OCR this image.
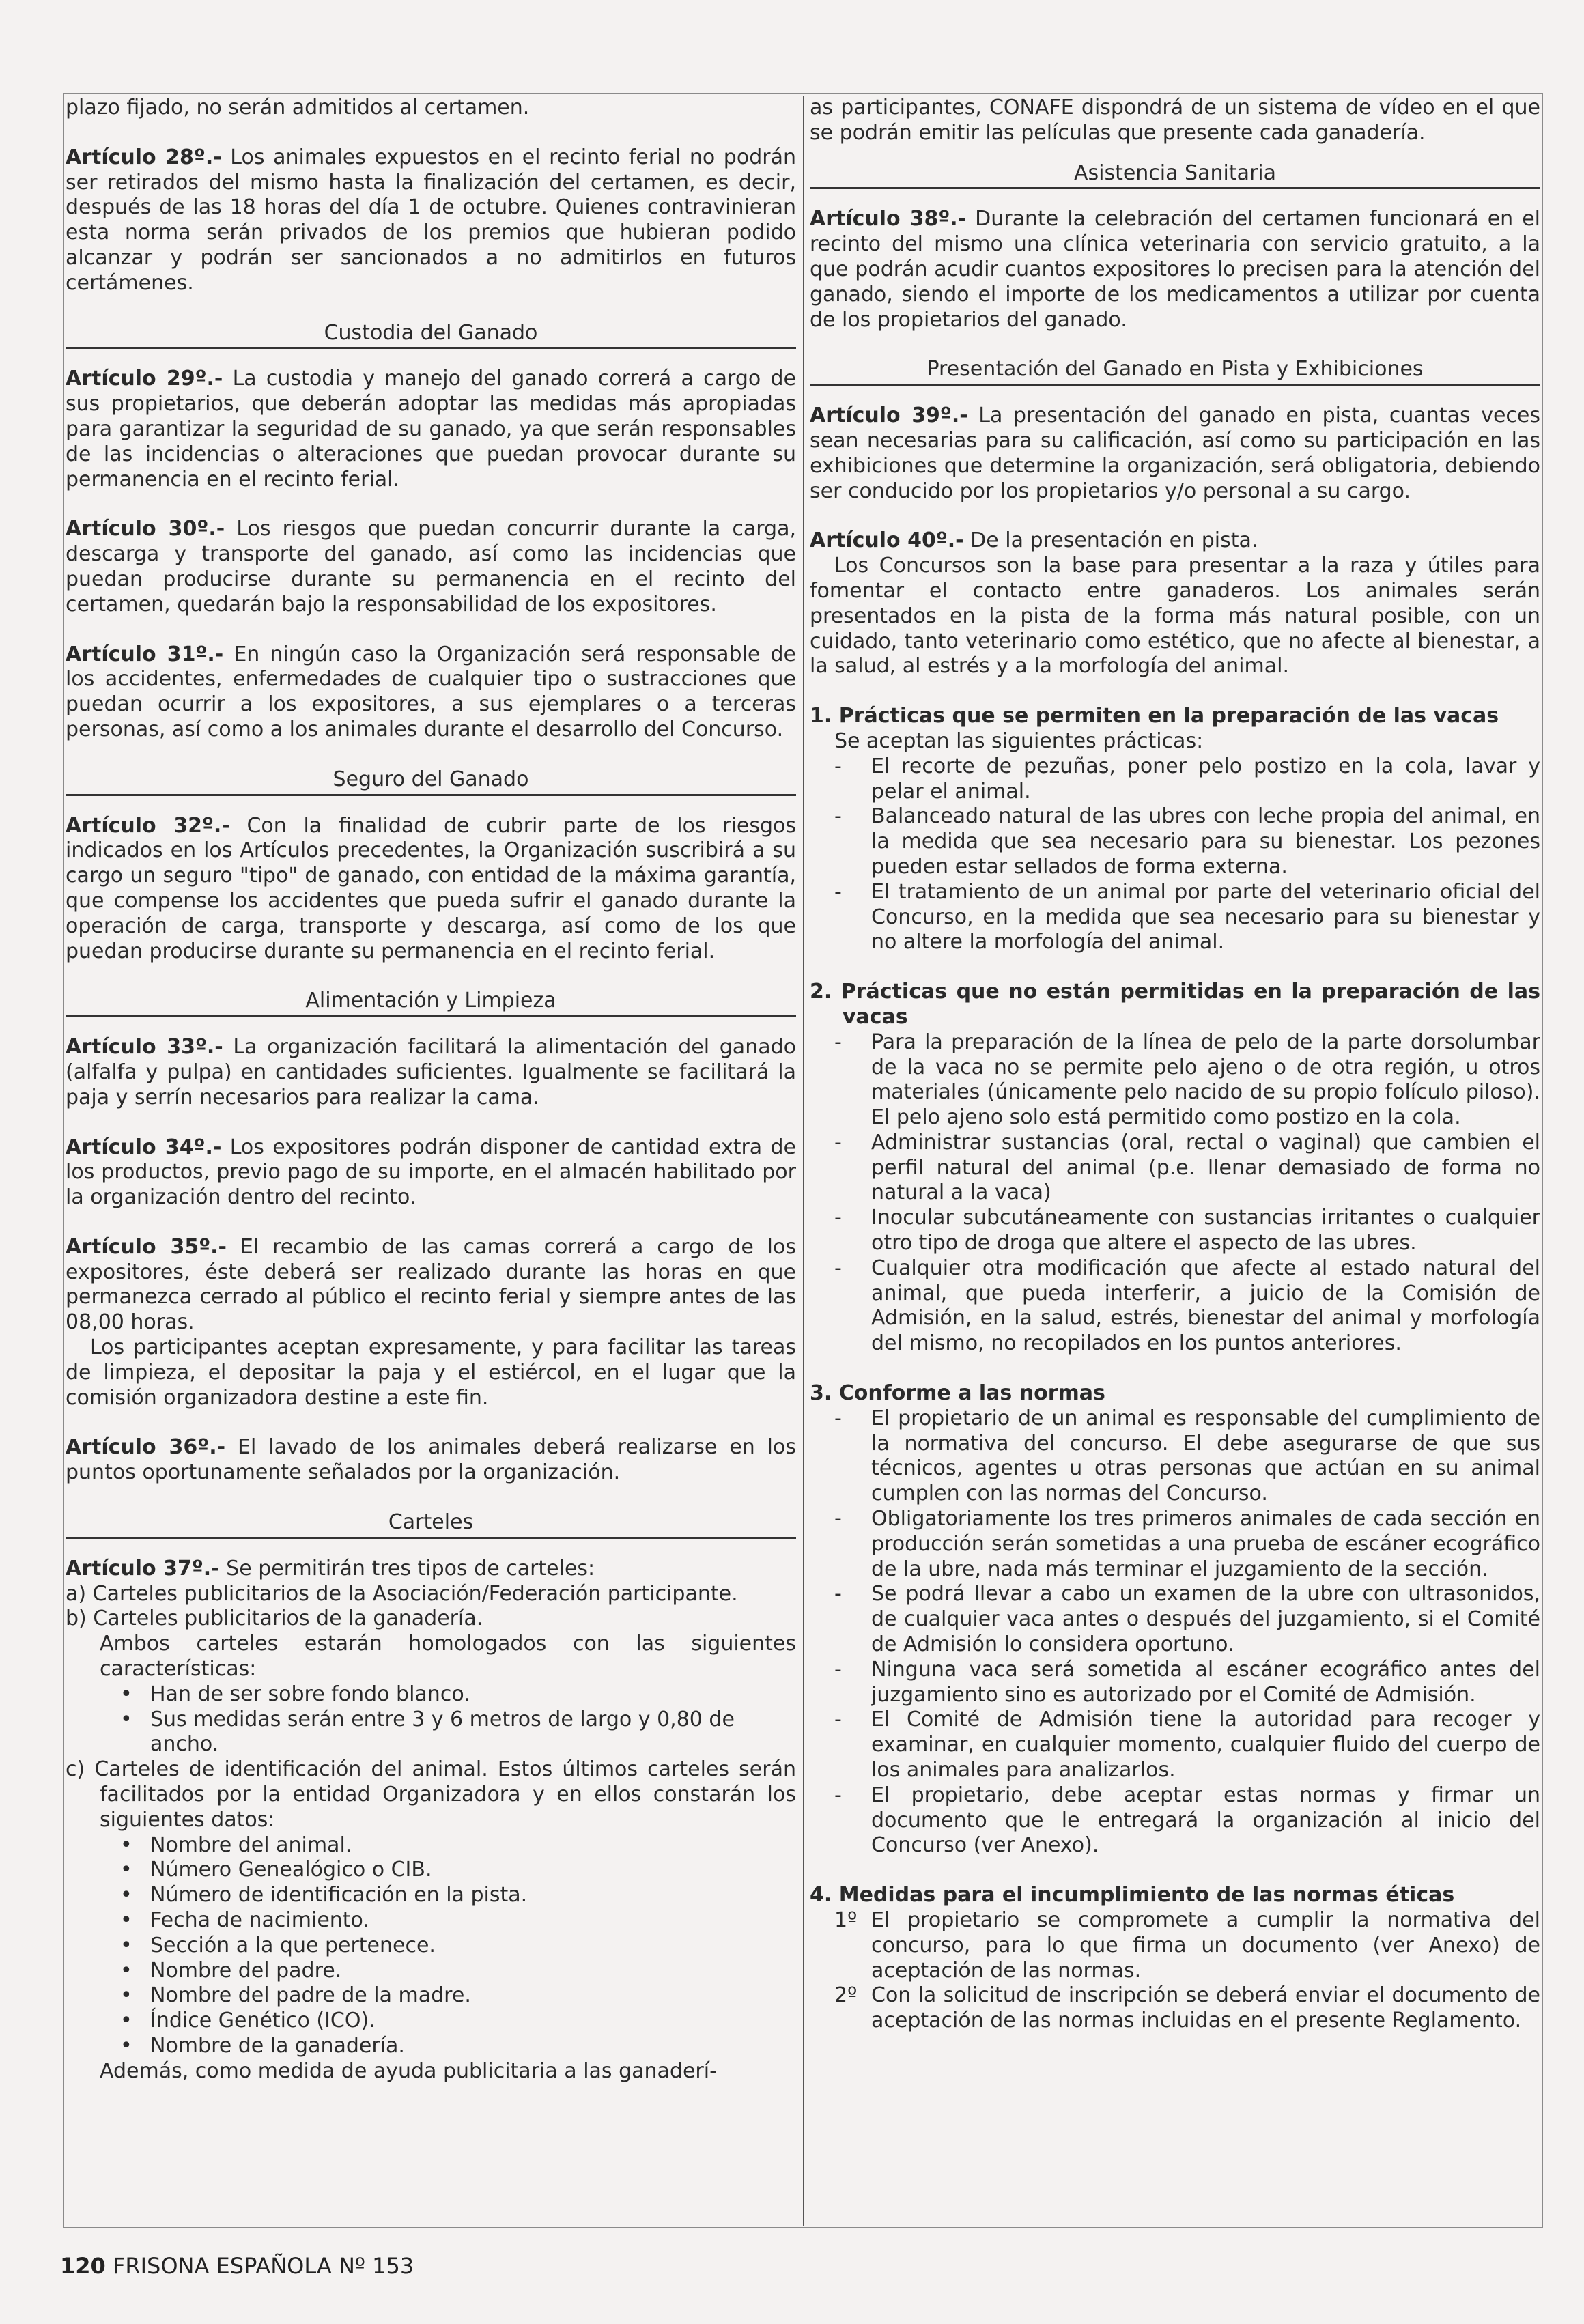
plazo fijado, no serán admitidos al certamen.

Artículo 28º.- Los animales expuestos en el recinto ferial no podrán ser retirados del mismo hasta la finalización del certamen, es decir, después de las 18 horas del día 1 de octubre. Quienes contravinieran esta norma serán privados de los premios que hubieran podido alcanzar y podrán ser sancionados a no admitirlos en futuros certámenes.

Custodia del Ganado

Artículo 29º.- La custodia y manejo del ganado correrá a cargo de sus propietarios, que deberán adoptar las medidas más apropiadas para garantizar la seguridad de su ganado, ya que serán responsables de las incidencias o alteraciones que puedan provocar durante su permanencia en el recinto ferial.

Artículo 30º.- Los riesgos que puedan concurrir durante la carga, descarga y transporte del ganado, así como las incidencias que puedan producirse durante su permanencia en el recinto del certamen, quedarán bajo la responsabilidad de los expositores.

Artículo 31º.- En ningún caso la Organización será responsable de los accidentes, enfermedades de cualquier tipo o sustracciones que puedan ocurrir a los expositores, a sus ejemplares o a terceras personas, así como a los animales durante el desarrollo del Concurso.

Seguro del Ganado

Artículo 32º.- Con la finalidad de cubrir parte de los riesgos indicados en los Artículos precedentes, la Organización suscribirá a su cargo un seguro "tipo" de ganado, con entidad de la máxima garantía, que compense los accidentes que pueda sufrir el ganado durante la operación de carga, transporte y descarga, así como de los que puedan producirse durante su permanencia en el recinto ferial.

Alimentación y Limpieza

Artículo 33º.- La organización facilitará la alimentación del ganado (alfalfa y pulpa) en cantidades suficientes. Igualmente se facilitará la paja y serrín necesarios para realizar la cama.

Artículo 34º.- Los expositores podrán disponer de cantidad extra de los productos, previo pago de su importe, en el almacén habilitado por la organización dentro del recinto.

Artículo 35º.- El recambio de las camas correrá a cargo de los expositores, éste deberá ser realizado durante las horas en que permanezca cerrado al público el recinto ferial y siempre antes de las 08,00 horas.

Los participantes aceptan expresamente, y para facilitar las tareas de limpieza, el depositar la paja y el estiércol, en el lugar que la comisión organizadora destine a este fin.

Artículo 36º.- El lavado de los animales deberá realizarse en los puntos oportunamente señalados por la organización.

Carteles

Artículo 37º.- Se permitirán tres tipos de carteles:

a) Carteles publicitarios de la Asociación/Federación participante.

b) Carteles publicitarios de la ganadería.

Ambos carteles estarán homologados con las siguientes características:

• Han de ser sobre fondo blanco.
• Sus medidas serán entre 3 y 6 metros de largo y 0,80 de ancho.

c) Carteles de identificación del animal. Estos últimos carteles serán facilitados por la entidad Organizadora y en ellos constarán los siguientes datos:

• Nombre del animal.
• Número Genealógico o CIB.
• Número de identificación en la pista.
• Fecha de nacimiento.
• Sección a la que pertenece.
• Nombre del padre.
• Nombre del padre de la madre.
• Índice Genético (ICO).
• Nombre de la ganadería.

Además, como medida de ayuda publicitaria a las ganaderí-

as participantes, CONAFE dispondrá de un sistema de vídeo en el que se podrán emitir las películas que presente cada ganadería.

Asistencia Sanitaria

Artículo 38º.- Durante la celebración del certamen funcionará en el recinto del mismo una clínica veterinaria con servicio gratuito, a la que podrán acudir cuantos expositores lo precisen para la atención del ganado, siendo el importe de los medicamentos a utilizar por cuenta de los propietarios del ganado.

Presentación del Ganado en Pista y Exhibiciones

Artículo 39º.- La presentación del ganado en pista, cuantas veces sean necesarias para su calificación, así como su participación en las exhibiciones que determine la organización, será obligatoria, debiendo ser conducido por los propietarios y/o personal a su cargo.

Artículo 40º.- De la presentación en pista.

Los Concursos son la base para presentar a la raza y útiles para fomentar el contacto entre ganaderos. Los animales serán presentados en la pista de la forma más natural posible, con un cuidado, tanto veterinario como estético, que no afecte al bienestar, a la salud, al estrés y a la morfología del animal.

1. Prácticas que se permiten en la preparación de las vacas

Se aceptan las siguientes prácticas:

- El recorte de pezuñas, poner pelo postizo en la cola, lavar y pelar el animal.
- Balanceado natural de las ubres con leche propia del animal, en la medida que sea necesario para su bienestar. Los pezones pueden estar sellados de forma externa.
- El tratamiento de un animal por parte del veterinario oficial del Concurso, en la medida que sea necesario para su bienestar y no altere la morfología del animal.

2. Prácticas que no están permitidas en la preparación de las vacas

- Para la preparación de la línea de pelo de la parte dorsolumbar de la vaca no se permite pelo ajeno o de otra región, u otros materiales (únicamente pelo nacido de su propio folículo piloso). El pelo ajeno solo está permitido como postizo en la cola.
- Administrar sustancias (oral, rectal o vaginal) que cambien el perfil natural del animal (p.e. llenar demasiado de forma no natural a la vaca)
- Inocular subcutáneamente con sustancias irritantes o cualquier otro tipo de droga que altere el aspecto de las ubres.
- Cualquier otra modificación que afecte al estado natural del animal, que pueda interferir, a juicio de la Comisión de Admisión, en la salud, estrés, bienestar del animal y morfología del mismo, no recopilados en los puntos anteriores.

3. Conforme a las normas

- El propietario de un animal es responsable del cumplimiento de la normativa del concurso. El debe asegurarse de que sus técnicos, agentes u otras personas que actúan en su animal cumplen con las normas del Concurso.
- Obligatoriamente los tres primeros animales de cada sección en producción serán sometidas a una prueba de escáner ecográfico de la ubre, nada más terminar el juzgamiento de la sección.
- Se podrá llevar a cabo un examen de la ubre con ultrasonidos, de cualquier vaca antes o después del juzgamiento, si el Comité de Admisión lo considera oportuno.
- Ninguna vaca será sometida al escáner ecográfico antes del juzgamiento sino es autorizado por el Comité de Admisión.
- El Comité de Admisión tiene la autoridad para recoger y examinar, en cualquier momento, cualquier fluido del cuerpo de los animales para analizarlos.
- El propietario, debe aceptar estas normas y firmar un documento que le entregará la organización al inicio del Concurso (ver Anexo).

4. Medidas para el incumplimiento de las normas éticas

1º El propietario se compromete a cumplir la normativa del concurso, para lo que firma un documento (ver Anexo) de aceptación de las normas.
2º Con la solicitud de inscripción se deberá enviar el documento de aceptación de las normas incluidas en el presente Reglamento.
120 FRISONA ESPAÑOLA Nº 153
